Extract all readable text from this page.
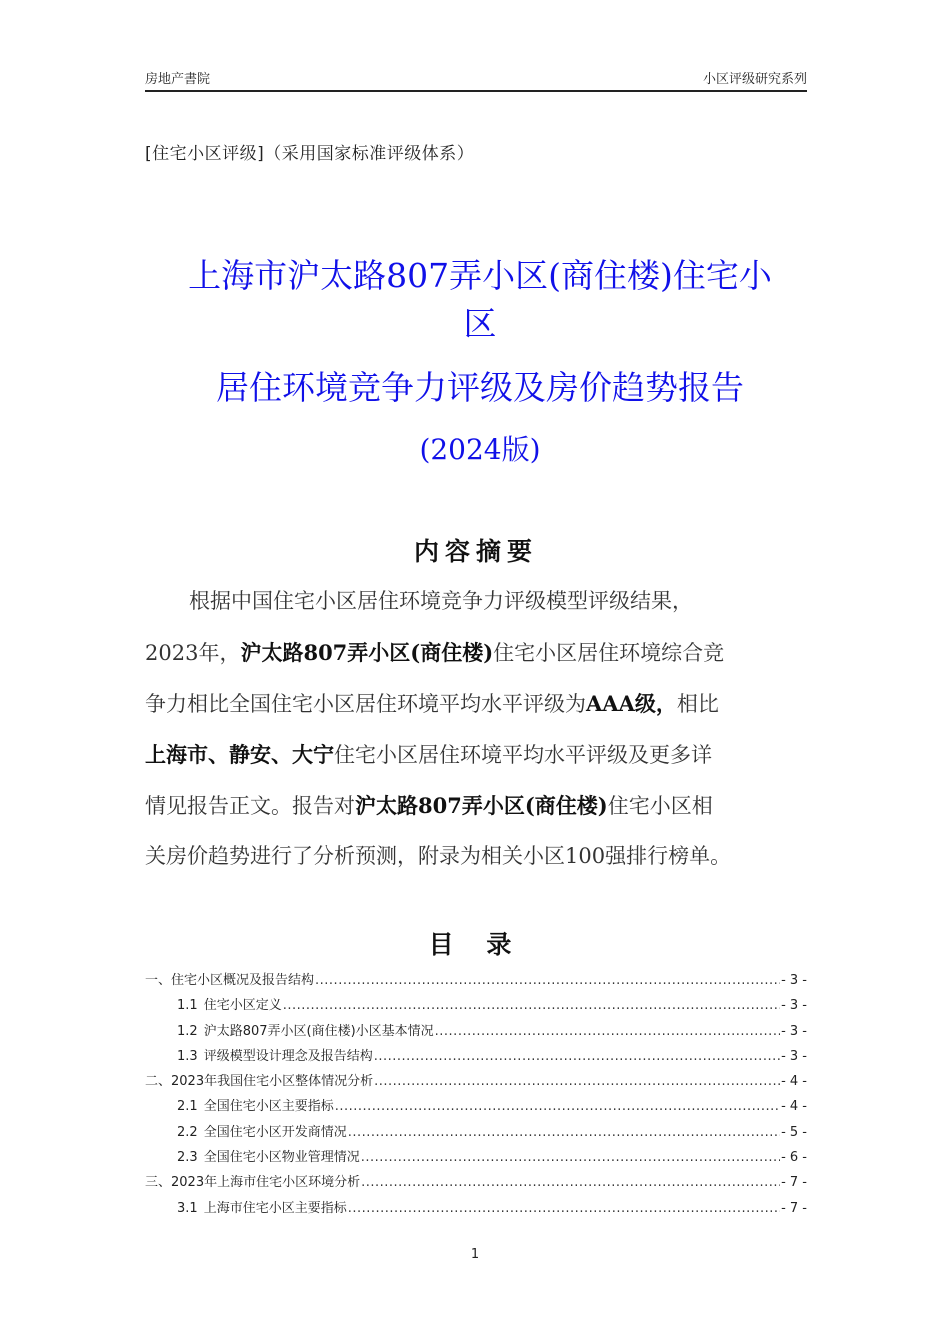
房地产書院	小区评级研究系列
[住宅小区评级]（采用国家标准评级体系）
上海市沪太路807弄小区(商住楼)住宅小
区
居住环境竞争力评级及房价趋势报告
(2024版)
内容摘要
根据中国住宅小区居住环境竞争力评级模型评级结果，
2023年，沪太路807弄小区(商住楼)住宅小区居住环境综合竞
争力相比全国住宅小区居住环境平均水平评级为AAA级，相比
上海市、静安、大宁住宅小区居住环境平均水平评级及更多详
情见报告正文。报告对沪太路807弄小区(商住楼)住宅小区相
关房价趋势进行了分析预测，附录为相关小区100强排行榜单。
目 录
一、 住宅小区概况及报告结构 .....	- 3 -
1.1 住宅小区定义 .....	- 3 -
1.2 沪太路807弄小区(商住楼)小区基本情况 .....	- 3 -
1.3 评级模型设计理念及报告结构 .....	- 3 -
二、 2023年我国住宅小区整体情况分析 .....	- 4 -
2.1 全国住宅小区主要指标 .....	- 4 -
2.2 全国住宅小区开发商情况 .....	- 5 -
2.3 全国住宅小区物业管理情况 .....	- 6 -
三、 2023年上海市住宅小区环境分析 .....	- 7 -
3.1 上海市住宅小区主要指标 .....	- 7 -
1
